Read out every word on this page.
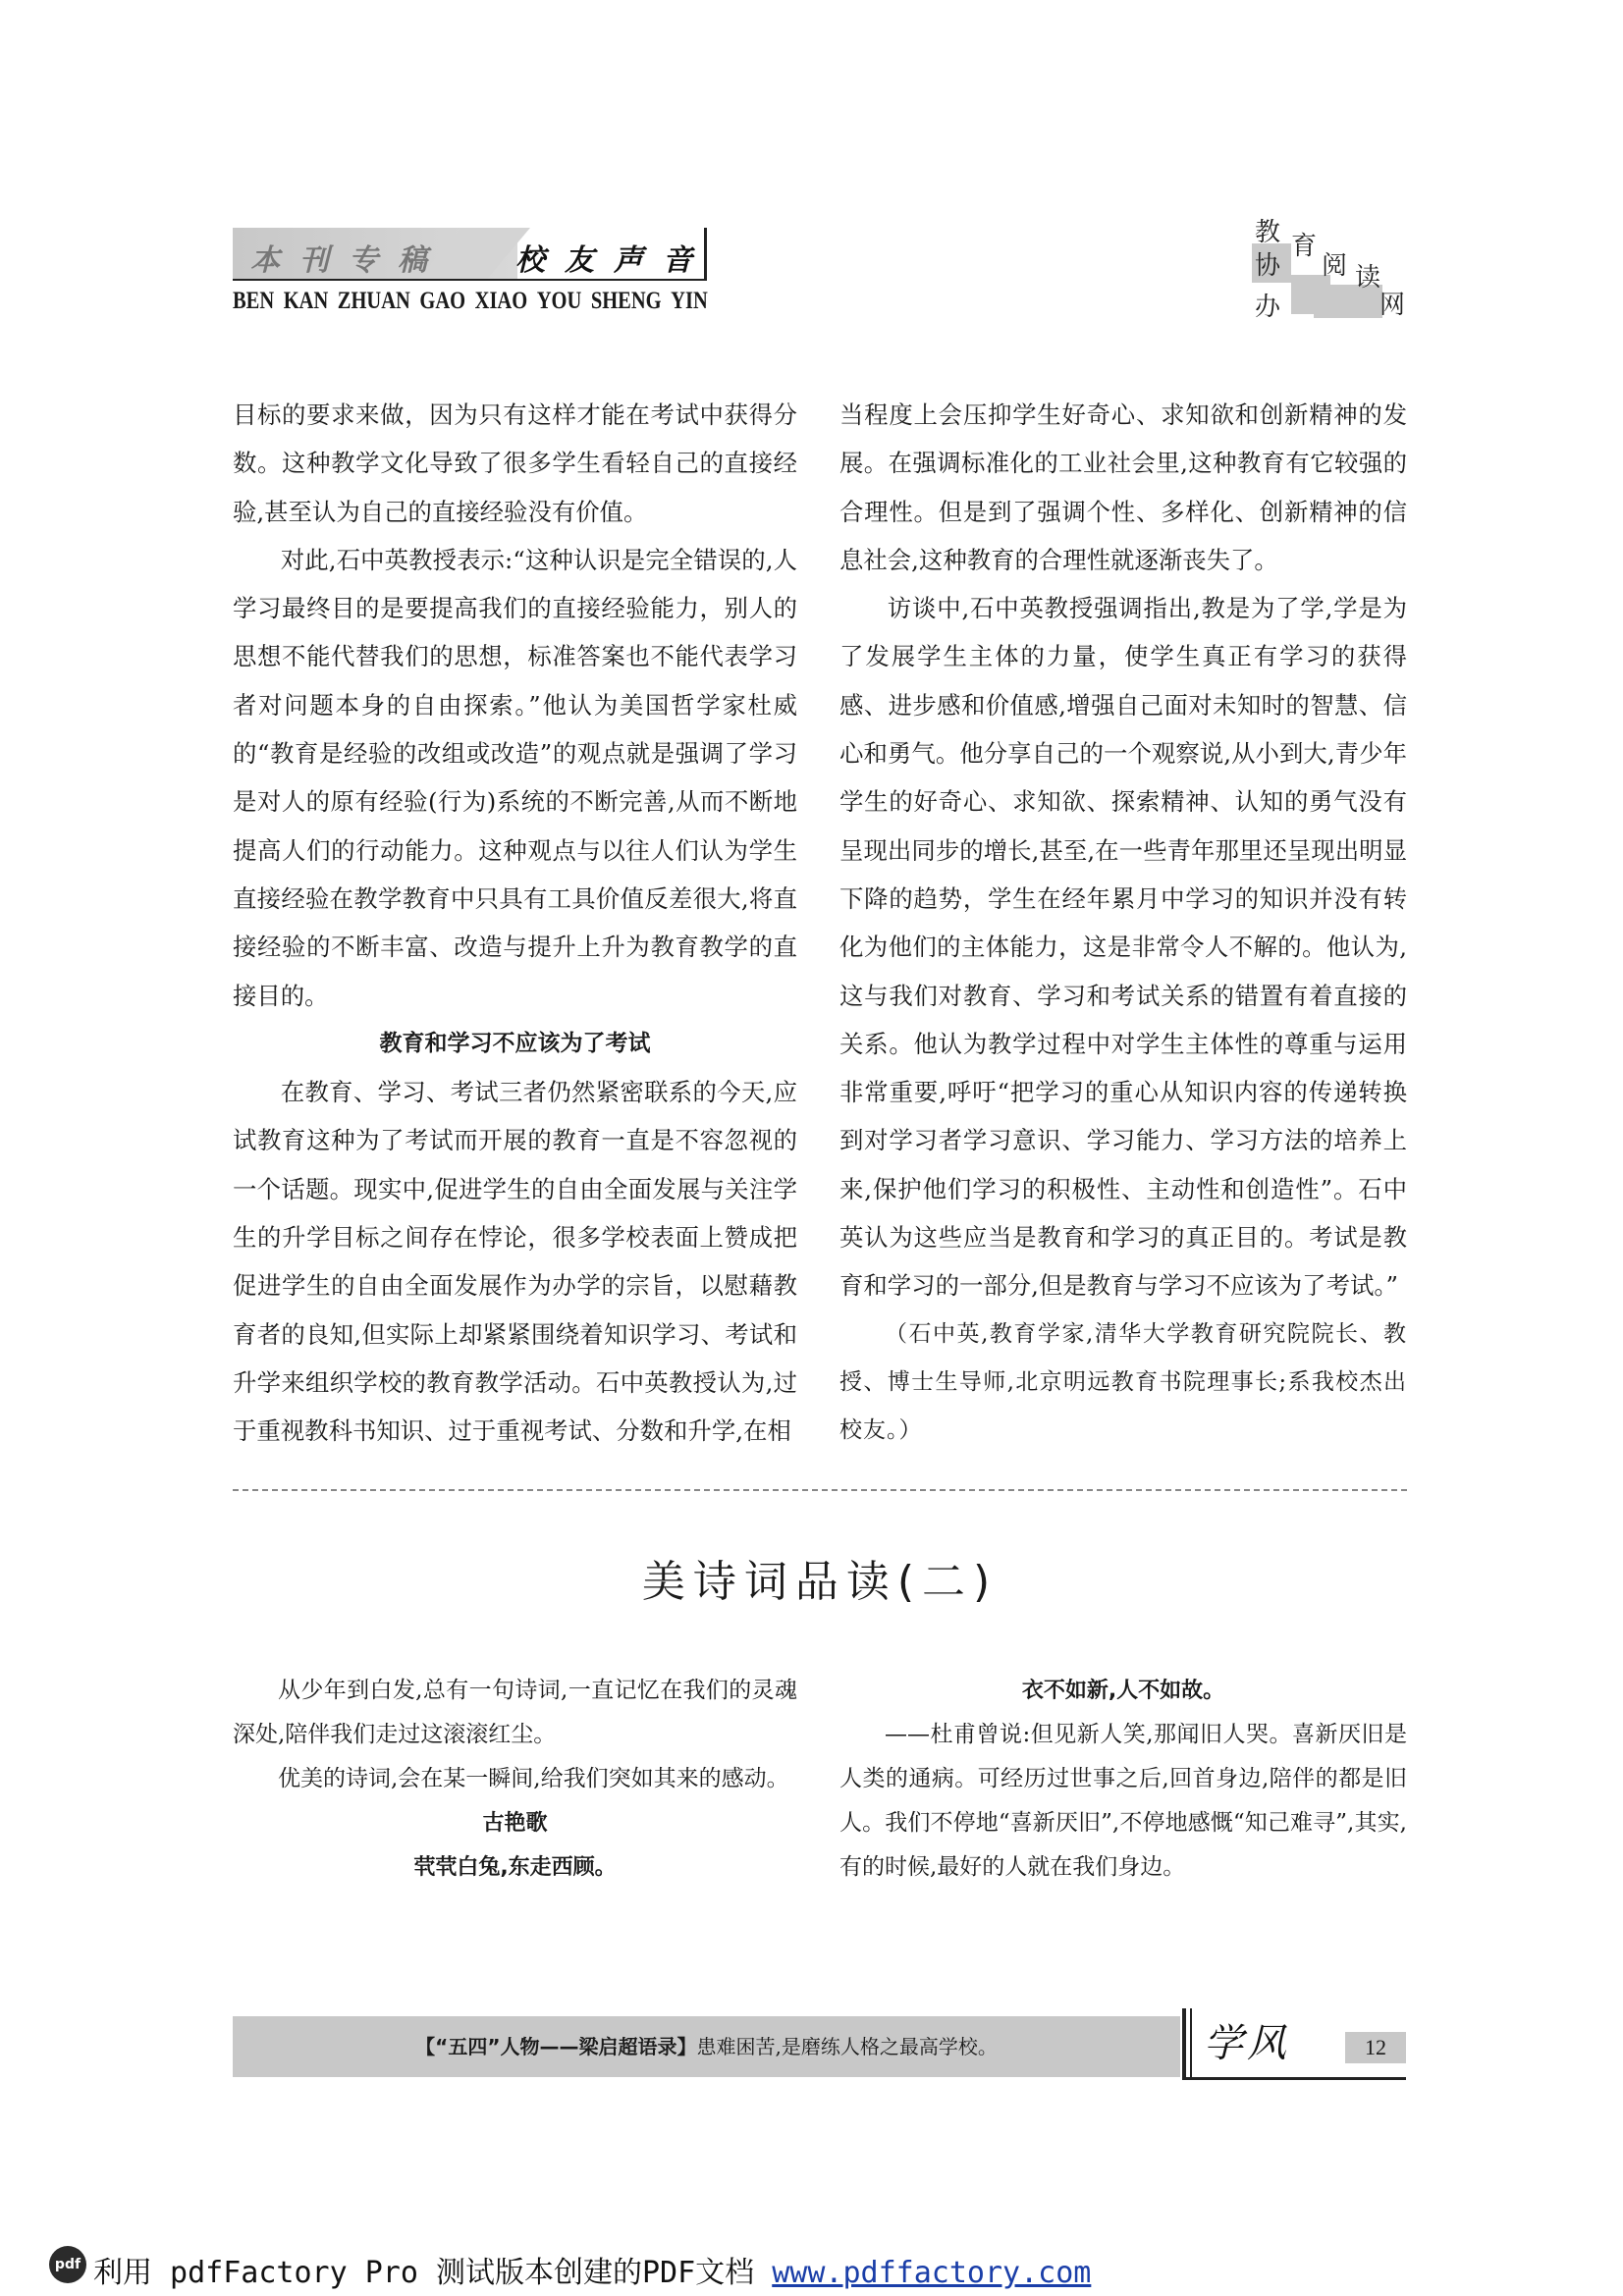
本刊专稿 校友声音
BEN KAN ZHUAN GAO XIAO YOU SHENG YIN
教 育
协 阅 读
办	网

目标的要求来做，因为只有这样才能在考试中获得分数。这种教学文化导致了很多学生看轻自己的直接经验,甚至认为自己的直接经验没有价值。

对此,石中英教授表示:“这种认识是完全错误的,人学习最终目的是要提高我们的直接经验能力，别人的思想不能代替我们的思想，标准答案也不能代表学习者对问题本身的自由探索。”他认为美国哲学家杜威的“教育是经验的改组或改造”的观点就是强调了学习是对人的原有经验(行为)系统的不断完善,从而不断地提高人们的行动能力。这种观点与以往人们认为学生直接经验在教学教育中只具有工具价值反差很大,将直接经验的不断丰富、改造与提升上升为教育教学的直接目的。

教育和学习不应该为了考试

在教育、学习、考试三者仍然紧密联系的今天,应试教育这种为了考试而开展的教育一直是不容忽视的一个话题。现实中,促进学生的自由全面发展与关注学生的升学目标之间存在悖论，很多学校表面上赞成把促进学生的自由全面发展作为办学的宗旨，以慰藉教育者的良知,但实际上却紧紧围绕着知识学习、考试和升学来组织学校的教育教学活动。石中英教授认为,过于重视教科书知识、过于重视考试、分数和升学,在相

当程度上会压抑学生好奇心、求知欲和创新精神的发展。在强调标准化的工业社会里,这种教育有它较强的合理性。但是到了强调个性、多样化、创新精神的信息社会,这种教育的合理性就逐渐丧失了。

访谈中,石中英教授强调指出,教是为了学,学是为了发展学生主体的力量，使学生真正有学习的获得感、进步感和价值感,增强自己面对未知时的智慧、信心和勇气。他分享自己的一个观察说,从小到大,青少年学生的好奇心、求知欲、探索精神、认知的勇气没有呈现出同步的增长,甚至,在一些青年那里还呈现出明显下降的趋势，学生在经年累月中学习的知识并没有转化为他们的主体能力，这是非常令人不解的。他认为,这与我们对教育、学习和考试关系的错置有着直接的关系。他认为教学过程中对学生主体性的尊重与运用非常重要,呼吁“把学习的重心从知识内容的传递转换到对学习者学习意识、学习能力、学习方法的培养上来,保护他们学习的积极性、主动性和创造性”。石中英认为这些应当是教育和学习的真正目的。考试是教育和学习的一部分,但是教育与学习不应该为了考试。”

（石中英,教育学家,清华大学教育研究院院长、教授、博士生导师,北京明远教育书院理事长;系我校杰出校友。）

美诗词品读(二)

从少年到白发,总有一句诗词,一直记忆在我们的灵魂深处,陪伴我们走过这滚滚红尘。

优美的诗词,会在某一瞬间,给我们突如其来的感动。

古艳歌

茕茕白兔,东走西顾。

衣不如新,人不如故。

——杜甫曾说:但见新人笑,那闻旧人哭。喜新厌旧是人类的通病。可经历过世事之后,回首身边,陪伴的都是旧人。我们不停地“喜新厌旧”,不停地感慨“知己难寻”,其实,有的时候,最好的人就在我们身边。

【“五四”人物——梁启超语录】患难困苦,是磨练人格之最高学校。	学风	12
pdf 利用 pdfFactory Pro 测试版本创建的PDF文档 www.pdffactory.com
